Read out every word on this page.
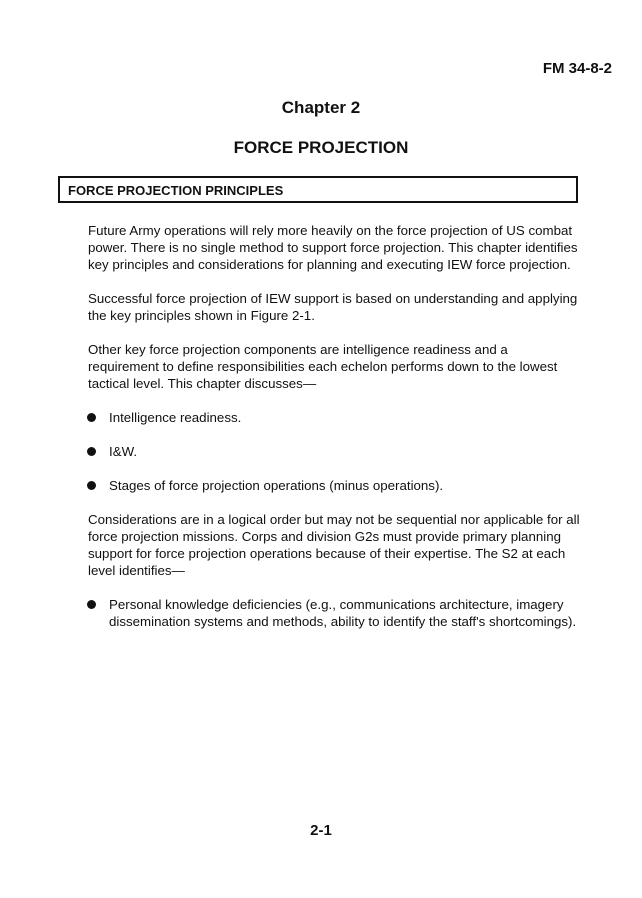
FM 34-8-2
Chapter 2
FORCE PROJECTION
FORCE PROJECTION PRINCIPLES

Future Army operations will rely more heavily on the force projection of US combat power. There is no single method to support force projection. This chapter identifies key principles and considerations for planning and executing IEW force projection.

Successful force projection of IEW support is based on understanding and applying the key principles shown in Figure 2-1.

Other key force projection components are intelligence readiness and a requirement to define responsibilities each echelon performs down to the lowest tactical level. This chapter discusses—

Intelligence readiness.
I&W.
Stages of force projection operations (minus operations).

Considerations are in a logical order but may not be sequential nor applicable for all force projection missions. Corps and division G2s must provide primary planning support for force projection operations because of their expertise. The S2 at each level identifies—

Personal knowledge deficiencies (e.g., communications architecture, imagery dissemination systems and methods, ability to identify the staff's shortcomings).
2-1
